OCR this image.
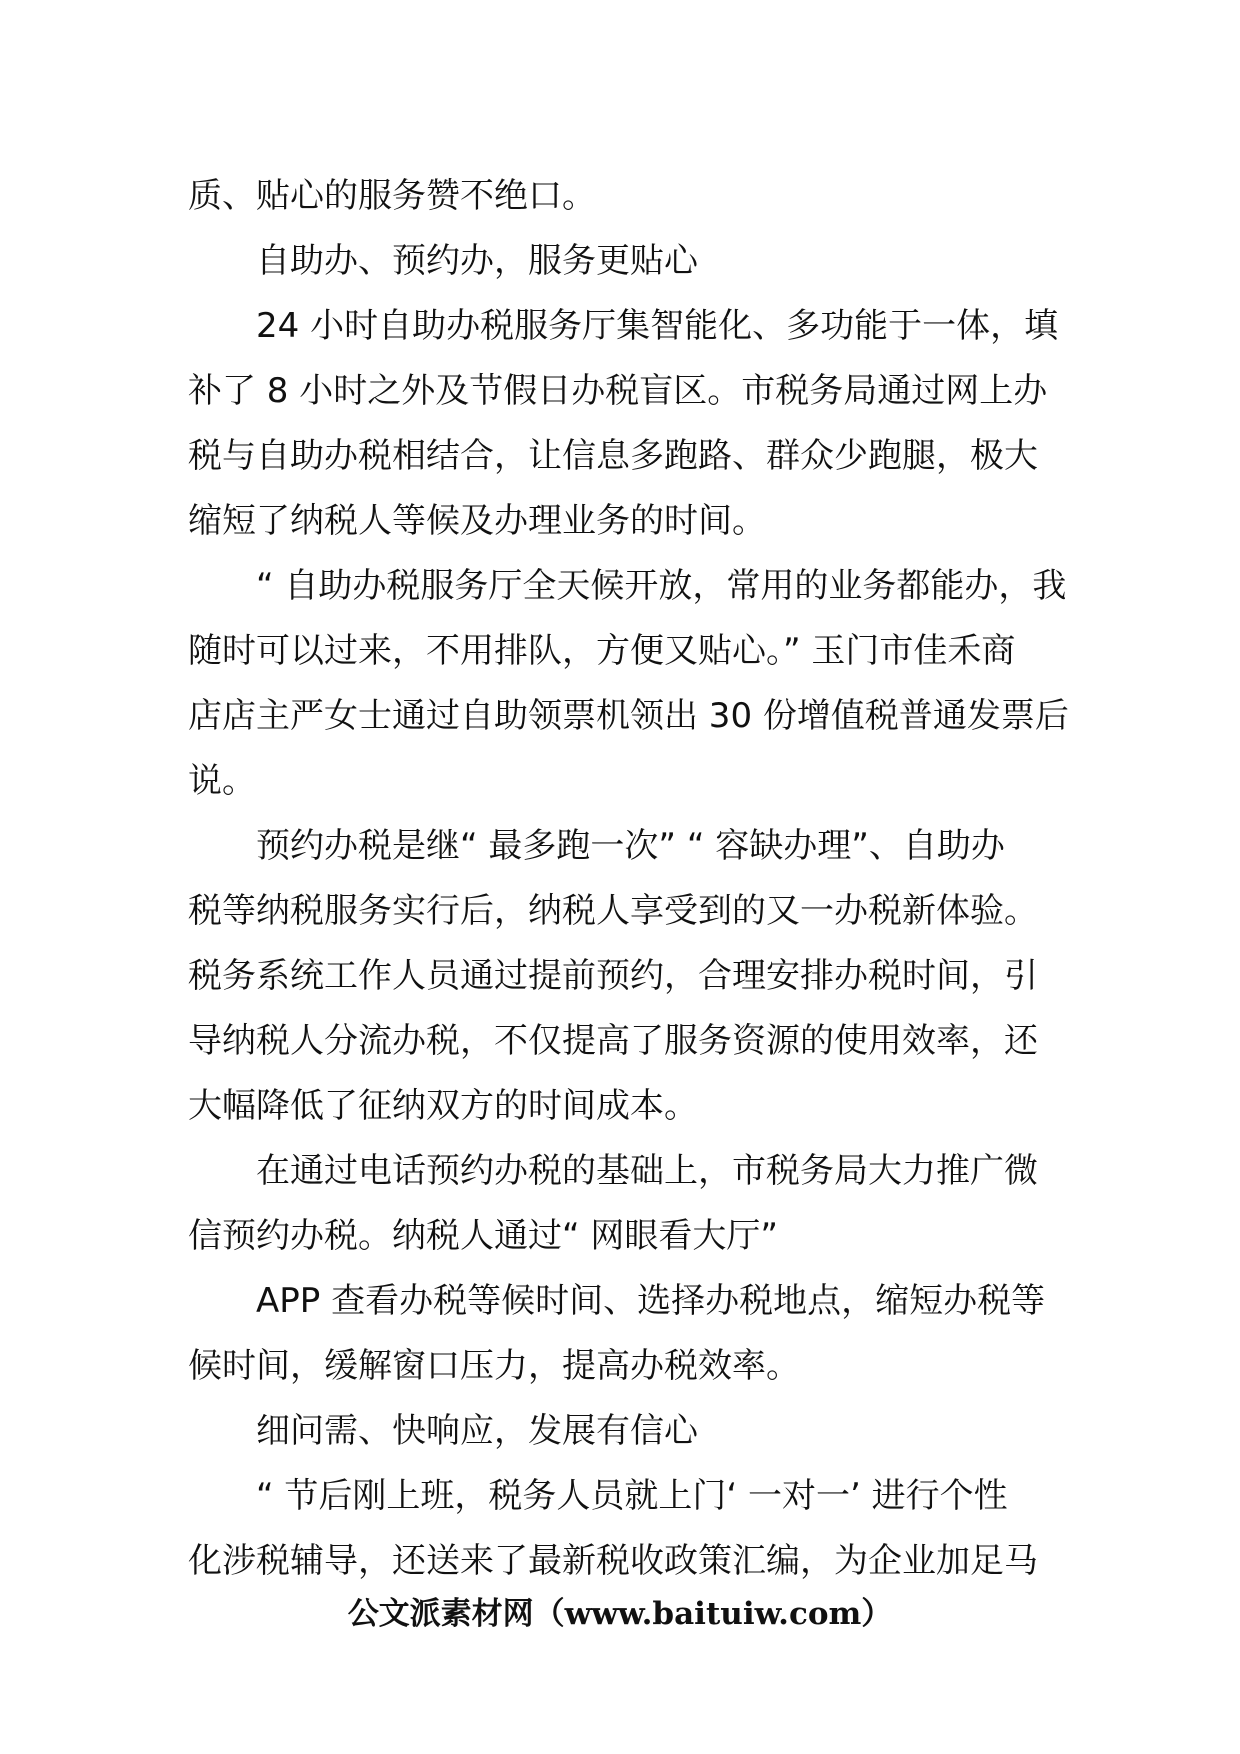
质、贴心的服务赞不绝口。
自助办、预约办，服务更贴心
24 小时自助办税服务厅集智能化、多功能于一体，填
补了 8 小时之外及节假日办税盲区。市税务局通过网上办
税与自助办税相结合，让信息多跑路、群众少跑腿，极大
缩短了纳税人等候及办理业务的时间。
“ 自助办税服务厅全天候开放，常用的业务都能办，我
随时可以过来，不用排队，方便又贴心。” 玉门市佳禾商
店店主严女士通过自助领票机领出 30 份增值税普通发票后
说。
预约办税是继“ 最多跑一次” “ 容缺办理”、自助办
税等纳税服务实行后，纳税人享受到的又一办税新体验。
税务系统工作人员通过提前预约，合理安排办税时间，引
导纳税人分流办税，不仅提高了服务资源的使用效率，还
大幅降低了征纳双方的时间成本。
在通过电话预约办税的基础上，市税务局大力推广微
信预约办税。纳税人通过“ 网眼看大厅”
APP 查看办税等候时间、选择办税地点，缩短办税等
候时间，缓解窗口压力，提高办税效率。
细问需、快响应，发展有信心
“ 节后刚上班，税务人员就上门‘ 一对一’ 进行个性
化涉税辅导，还送来了最新税收政策汇编，为企业加足马
公文派素材网（www.baituiw.com）
